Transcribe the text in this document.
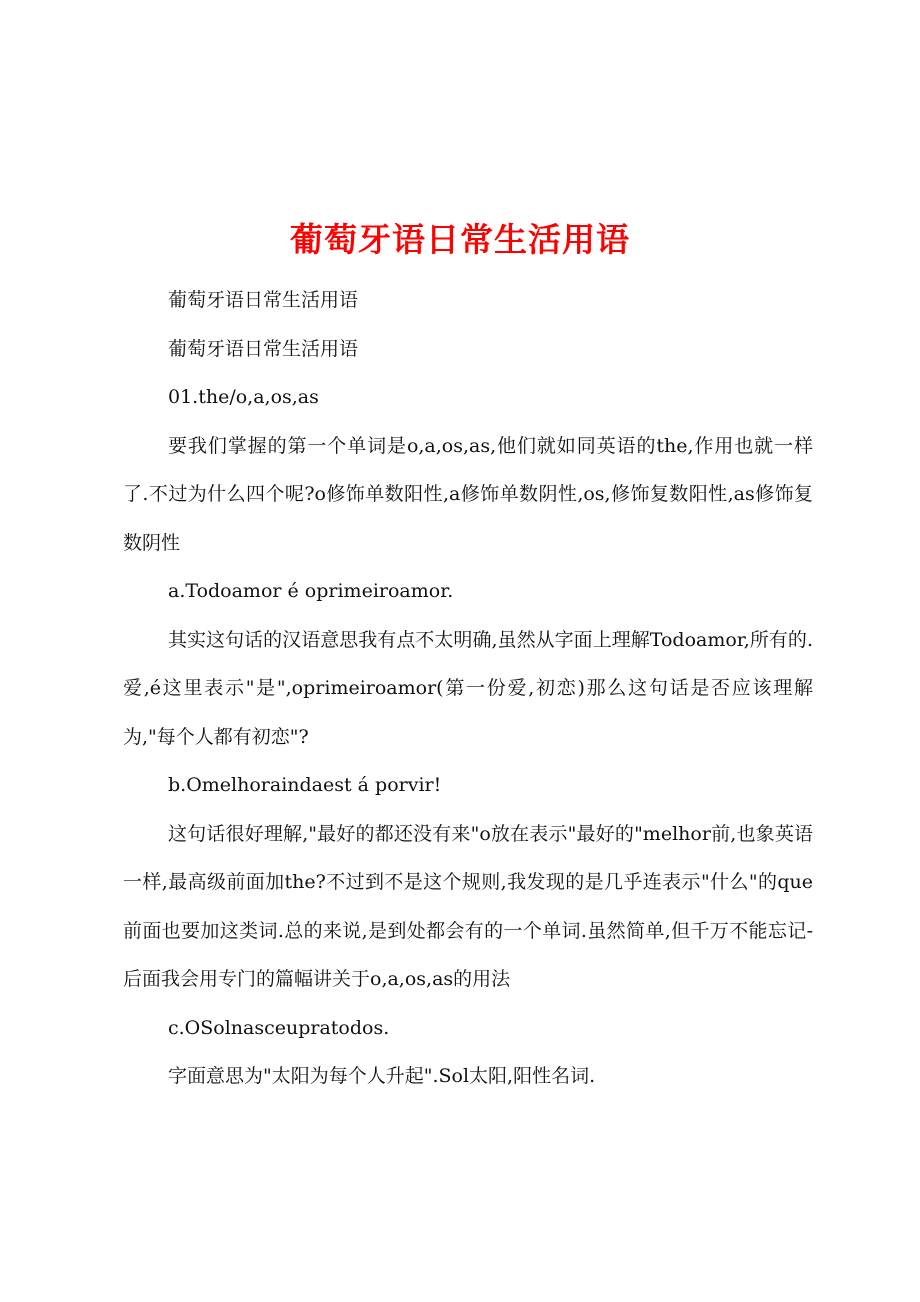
葡萄牙语日常生活用语

葡萄牙语日常生活用语

葡萄牙语日常生活用语

01.the/o,a,os,as

要我们掌握的第一个单词是o,a,os,as,他们就如同英语的the,作用也就一样了.不过为什么四个呢?o修饰单数阳性,a修饰单数阴性,os,修饰复数阳性,as修饰复数阴性

a.Todoamor é oprimeiroamor.

其实这句话的汉语意思我有点不太明确,虽然从字面上理解Todoamor,所有的.爱,é这里表示"是",oprimeiroamor(第一份爱,初恋)那么这句话是否应该理解为,"每个人都有初恋"?

b.Omelhoraindaest á porvir!

这句话很好理解,"最好的都还没有来"o放在表示"最好的"melhor前,也象英语一样,最高级前面加the?不过到不是这个规则,我发现的是几乎连表示"什么"的que前面也要加这类词.总的来说,是到处都会有的一个单词.虽然简单,但千万不能忘记-后面我会用专门的篇幅讲关于o,a,os,as的用法

c.OSolnasceupratodos.

字面意思为"太阳为每个人升起".Sol太阳,阳性名词.
